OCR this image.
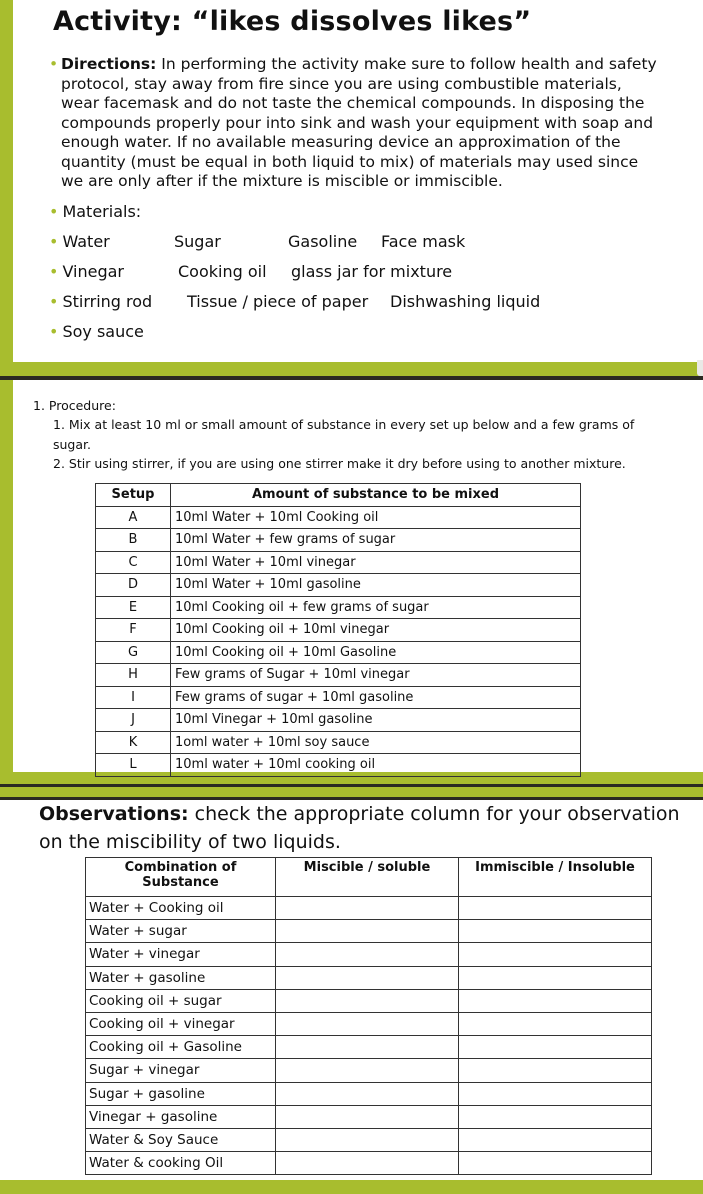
Activity: “likes dissolves likes”
• Directions: In performing the activity make sure to follow health and safety protocol, stay away from fire since you are using combustible materials, wear facemask and do not taste the chemical compounds. In disposing the compounds properly pour into sink and wash your equipment with soap and enough water. If no available measuring device an approximation of the quantity (must be equal in both liquid to mix) of materials may used since we are only after if the mixture is miscible or immiscible.
• Materials:
• Water	Sugar	Gasoline Face mask
• Vinegar	Cooking oil glass jar for mixture
• Stirring rod Tissue / piece of paper Dishwashing liquid
• Soy sauce
1. Procedure:
1. Mix at least 10 ml or small amount of substance in every set up below and a few grams of sugar.
2. Stir using stirrer, if you are using one stirrer make it dry before using to another mixture.
Setup	Amount of substance to be mixed
A	10ml Water + 10ml Cooking oil
B	10ml Water + few grams of sugar
C	10ml Water + 10ml vinegar
D	10ml Water + 10ml gasoline
E	10ml Cooking oil + few grams of sugar
F	10ml Cooking oil + 10ml vinegar
G	10ml Cooking oil + 10ml Gasoline
H	Few grams of Sugar + 10ml vinegar
I	Few grams of sugar + 10ml gasoline
J	10ml Vinegar + 10ml gasoline
K	1oml water + 10ml soy sauce
L	10ml water + 10ml cooking oil
Observations: check the appropriate column for your observation on the miscibility of two liquids.
Combination of Substance	Miscible / soluble	Immiscible / Insoluble
Water + Cooking oil		
Water + sugar		
Water + vinegar		
Water + gasoline		
Cooking oil + sugar		
Cooking oil + vinegar		
Cooking oil + Gasoline		
Sugar + vinegar		
Sugar + gasoline		
Vinegar + gasoline		
Water & Soy Sauce		
Water & cooking Oil		
